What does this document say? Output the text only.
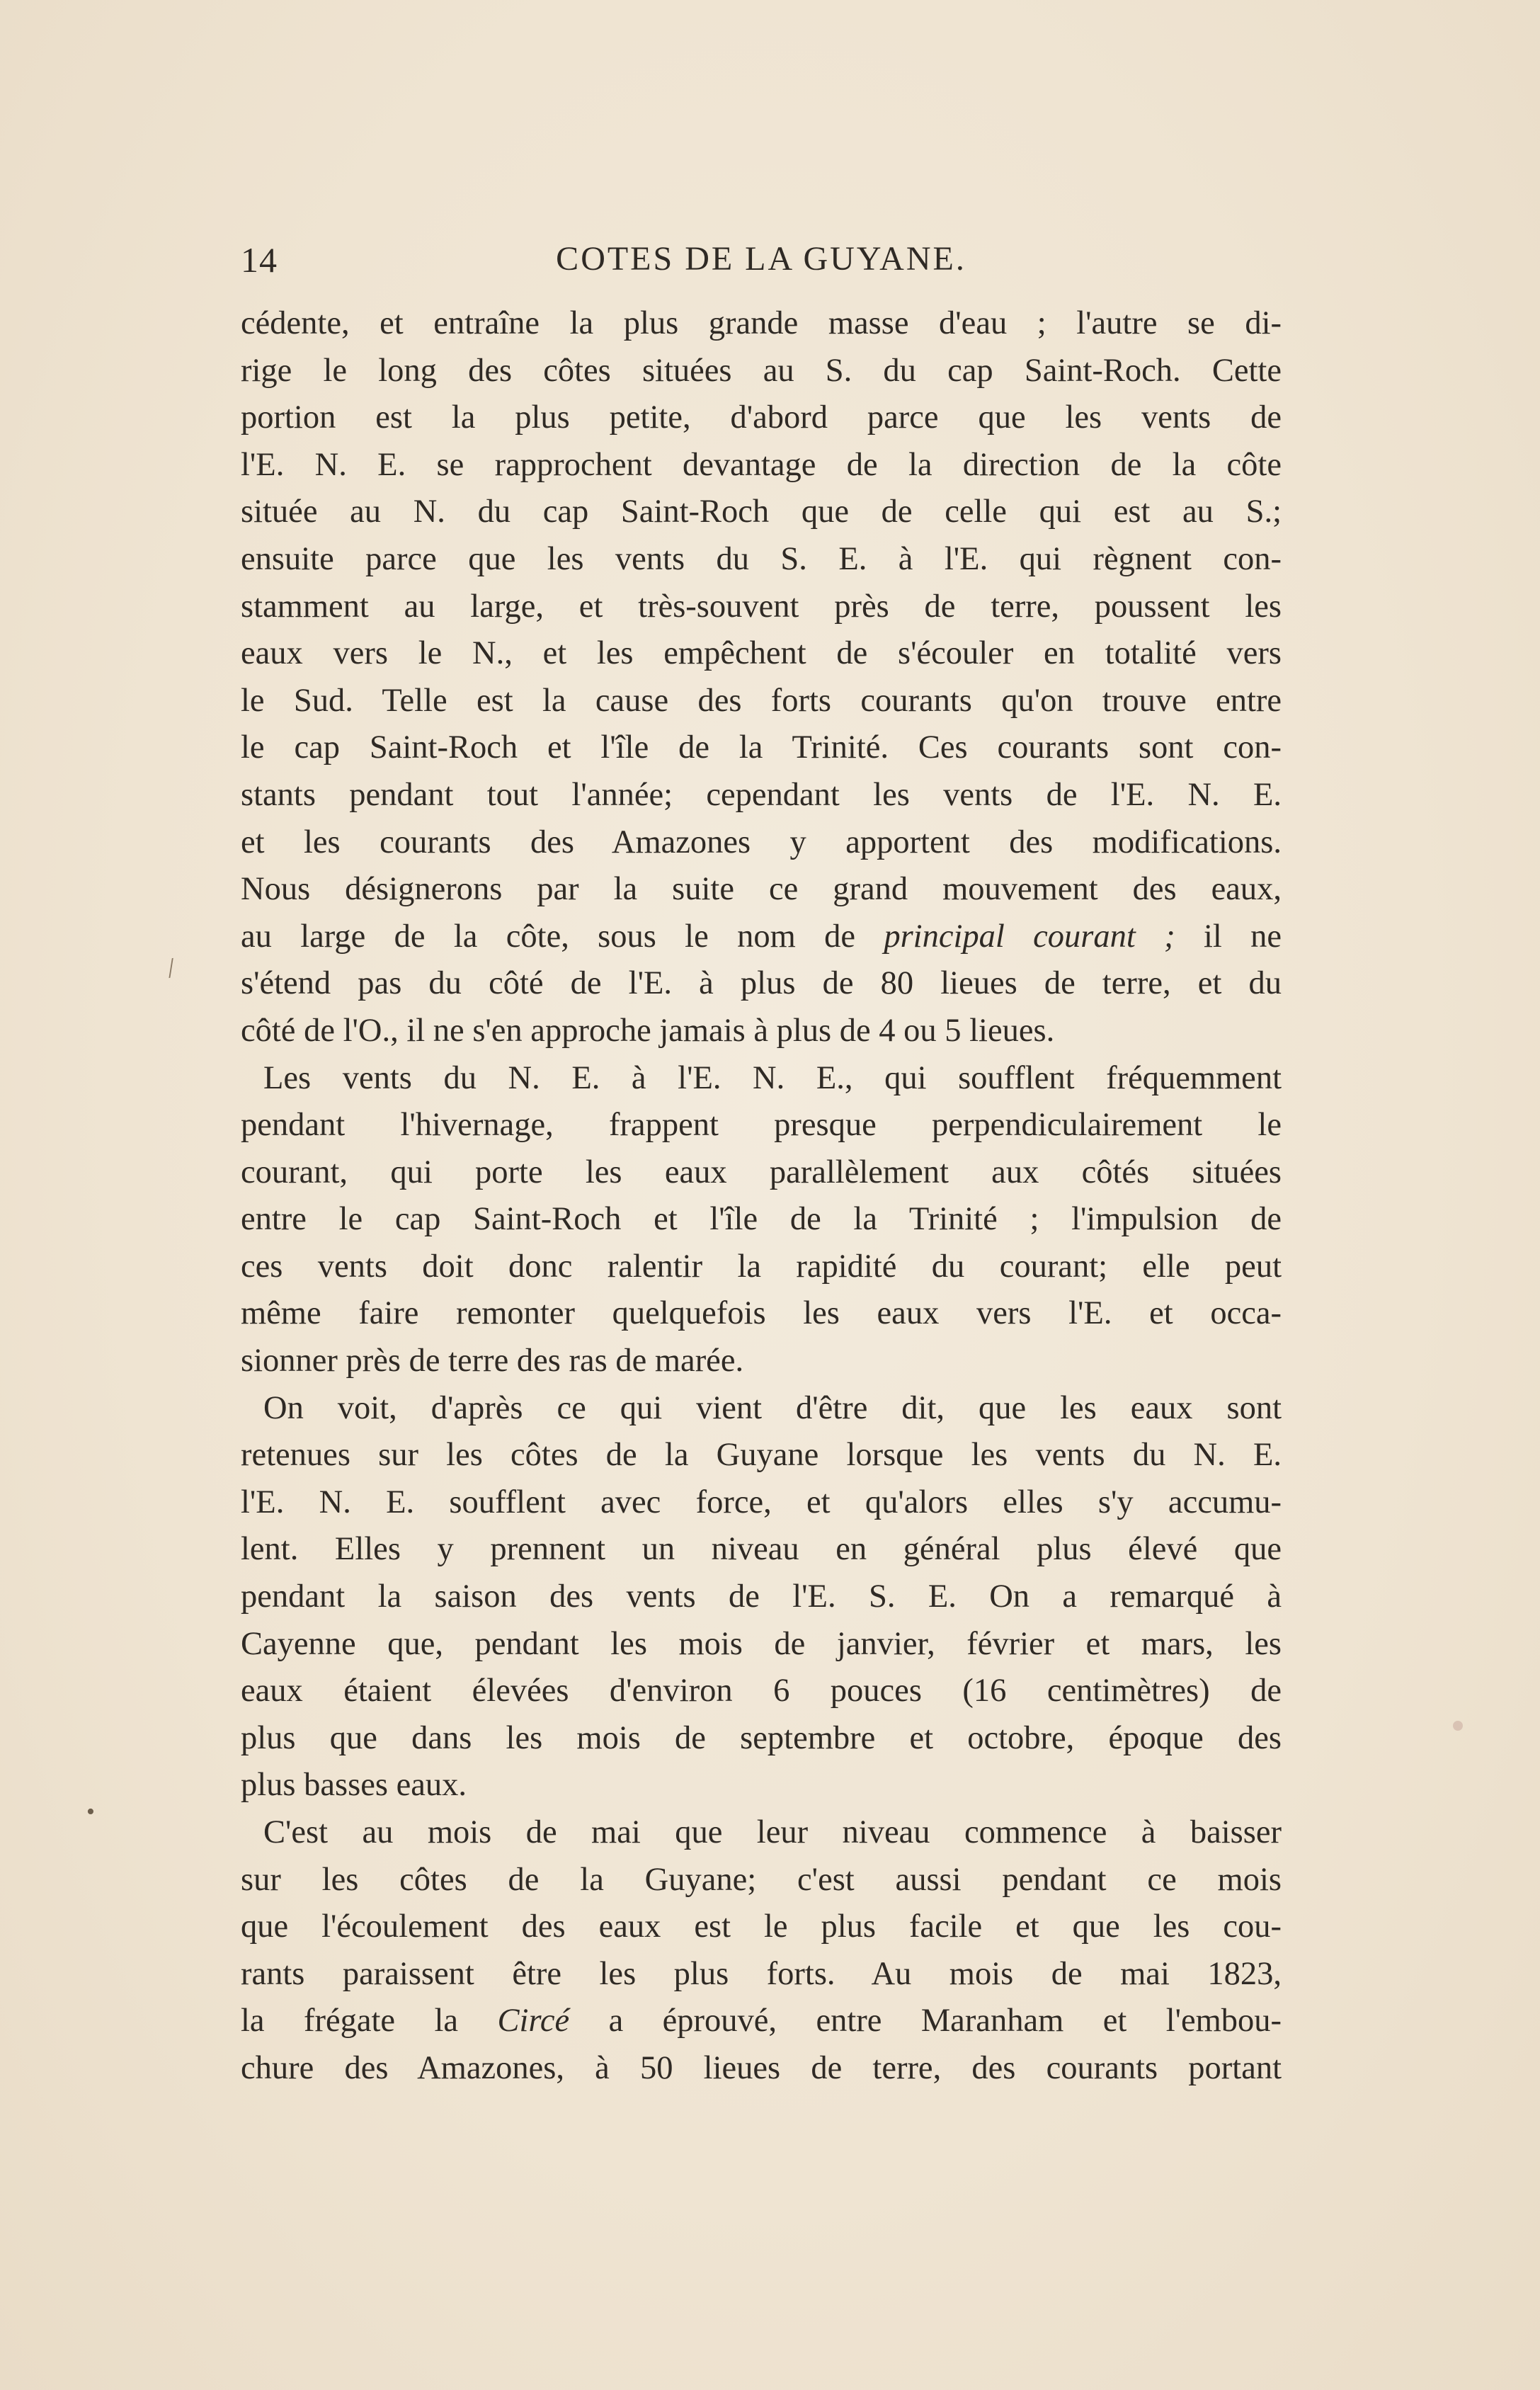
14	COTES DE LA GUYANE.
cédente, et entraîne la plus grande masse d'eau ; l'autre se di-
rige le long des côtes situées au S. du cap Saint-Roch. Cette
portion est la plus petite, d'abord parce que les vents de
l'E. N. E. se rapprochent devantage de la direction de la côte
située au N. du cap Saint-Roch que de celle qui est au S.;
ensuite parce que les vents du S. E. à l'E. qui règnent con-
stamment au large, et très-souvent près de terre, poussent les
eaux vers le N., et les empêchent de s'écouler en totalité vers
le Sud. Telle est la cause des forts courants qu'on trouve entre
le cap Saint-Roch et l'île de la Trinité. Ces courants sont con-
stants pendant tout l'année; cependant les vents de l'E. N. E.
et les courants des Amazones y apportent des modifications.
Nous désignerons par la suite ce grand mouvement des eaux,
au large de la côte, sous le nom de principal courant ; il ne
s'étend pas du côté de l'E. à plus de 80 lieues de terre, et du
côté de l'O., il ne s'en approche jamais à plus de 4 ou 5 lieues.
Les vents du N. E. à l'E. N. E., qui soufflent fréquemment
pendant l'hivernage, frappent presque perpendiculairement le
courant, qui porte les eaux parallèlement aux côtés situées
entre le cap Saint-Roch et l'île de la Trinité ; l'impulsion de
ces vents doit donc ralentir la rapidité du courant; elle peut
même faire remonter quelquefois les eaux vers l'E. et occa-
sionner près de terre des ras de marée.
On voit, d'après ce qui vient d'être dit, que les eaux sont
retenues sur les côtes de la Guyane lorsque les vents du N. E.
l'E. N. E. soufflent avec force, et qu'alors elles s'y accumu-
lent. Elles y prennent un niveau en général plus élevé que
pendant la saison des vents de l'E. S. E. On a remarqué à
Cayenne que, pendant les mois de janvier, février et mars, les
eaux étaient élevées d'environ 6 pouces (16 centimètres) de
plus que dans les mois de septembre et octobre, époque des
plus basses eaux.
C'est au mois de mai que leur niveau commence à baisser
sur les côtes de la Guyane; c'est aussi pendant ce mois
que l'écoulement des eaux est le plus facile et que les cou-
rants paraissent être les plus forts. Au mois de mai 1823,
la frégate la Circé a éprouvé, entre Maranham et l'embou-
chure des Amazones, à 50 lieues de terre, des courants portant
/
•
